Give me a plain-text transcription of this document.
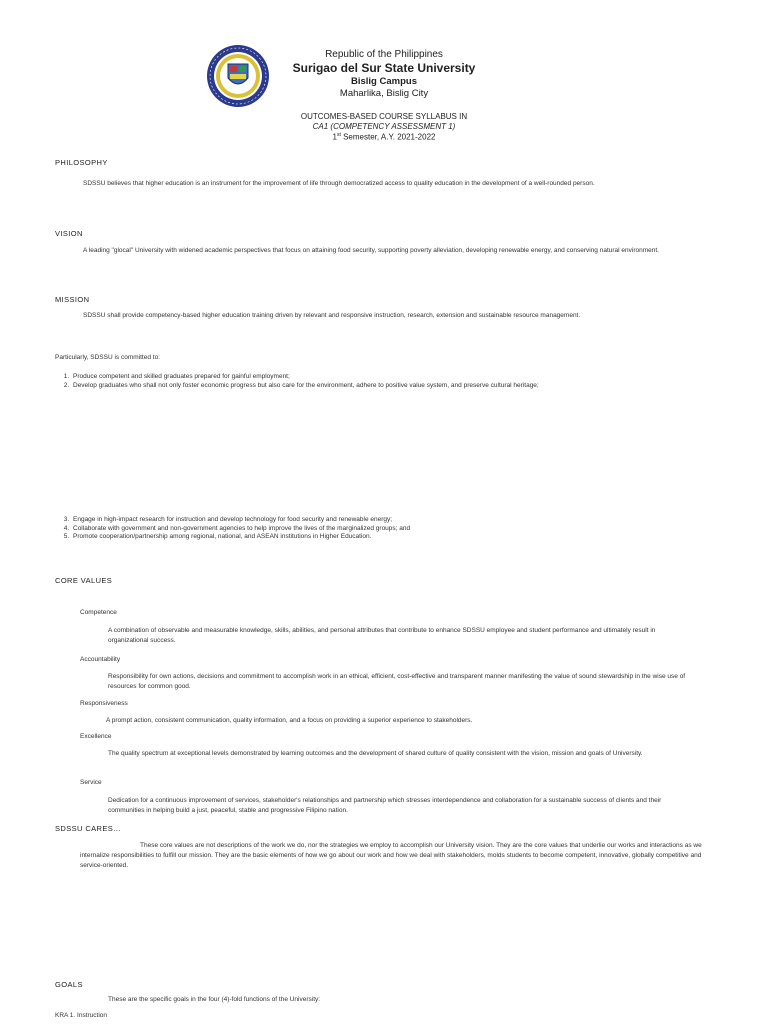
Republic of the Philippines
Surigao del Sur State University
Bislig Campus
Maharlika, Bislig City
OUTCOMES-BASED COURSE SYLLABUS IN
CA1 (COMPETENCY ASSESSMENT 1)
1st Semester, A.Y. 2021-2022
PHILOSOPHY
SDSSU believes that higher education is an instrument for the improvement of life through democratized access to quality education in the development of a well-rounded person.
VISION
A leading "glocal" University with widened academic perspectives that focus on attaining food security, supporting poverty alleviation, developing renewable energy, and conserving natural environment.
MISSION
SDSSU shall provide competency-based higher education training driven by relevant and responsive instruction, research, extension and sustainable resource management.
Particularly, SDSSU is committed to:
1. Produce competent and skilled graduates prepared for gainful employment;
2. Develop graduates who shall not only foster economic progress but also care for the environment, adhere to positive value system, and preserve cultural heritage;
3. Engage in high-impact research for instruction and develop technology for food security and renewable energy;
4. Collaborate with government and non-government agencies to help improve the lives of the marginalized groups; and
5. Promote cooperation/partnership among regional, national, and ASEAN institutions in Higher Education.
CORE VALUES
Competence
A combination of observable and measurable knowledge, skills, abilities, and personal attributes that contribute to enhance SDSSU employee and student performance and ultimately result in organizational success.
Accountability
Responsibility for own actions, decisions and commitment to accomplish work in an ethical, efficient, cost-effective and transparent manner manifesting the value of sound stewardship in the wise use of resources for common good.
Responsiveness
A prompt action, consistent communication, quality information, and a focus on providing a superior experience to stakeholders.
Excellence
The quality spectrum at exceptional levels demonstrated by learning outcomes and the development of shared culture of quality consistent with the vision, mission and goals of University.
Service
Dedication for a continuous improvement of services, stakeholder's relationships and partnership which stresses interdependence and collaboration for a sustainable success of clients and their communities in helping build a just, peaceful, stable and progressive Filipino nation.
SDSSU CARES…
These core values are not descriptions of the work we do, nor the strategies we employ to accomplish our University vision. They are the core values that underlie our works and interactions as we internalize responsibilities to fulfill our mission. They are the basic elements of how we go about our work and how we deal with stakeholders, molds students to become competent, innovative, globally competitive and service-oriented.
GOALS
These are the specific goals in the four (4)-fold functions of the University:
KRA 1. Instruction
